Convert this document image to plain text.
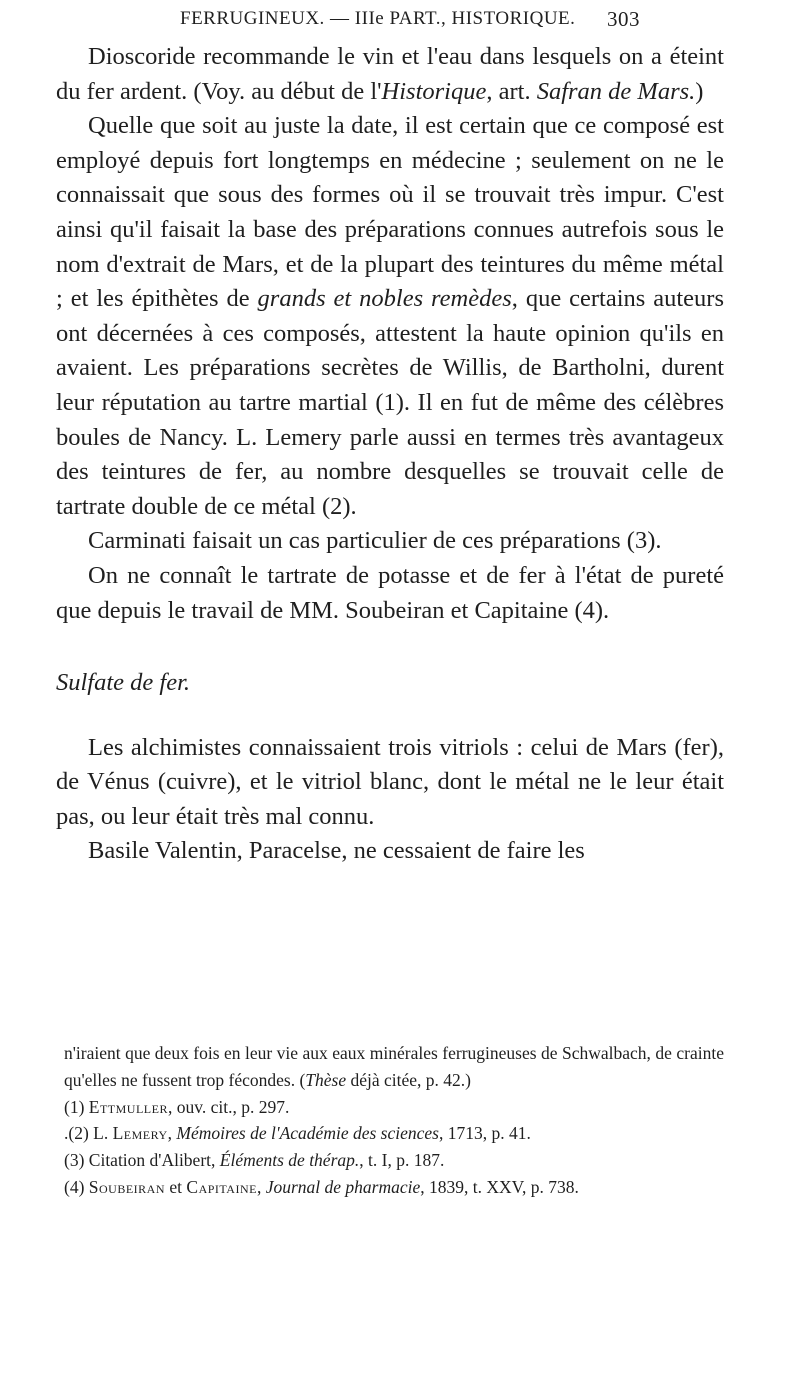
FERRUGINEUX. — IIIe PART., HISTORIQUE. 303

Dioscoride recommande le vin et l'eau dans lesquels on a éteint du fer ardent. (Voy. au début de l'Historique, art. Safran de Mars.)

Quelle que soit au juste la date, il est certain que ce composé est employé depuis fort longtemps en médecine ; seulement on ne le connaissait que sous des formes où il se trouvait très impur. C'est ainsi qu'il faisait la base des préparations connues autrefois sous le nom d'extrait de Mars, et de la plupart des teintures du même métal ; et les épithètes de grands et nobles remèdes, que certains auteurs ont décernées à ces composés, attestent la haute opinion qu'ils en avaient. Les préparations secrètes de Willis, de Bartholni, durent leur réputation au tartre martial (1). Il en fut de même des célèbres boules de Nancy. L. Lemery parle aussi en termes très avantageux des teintures de fer, au nombre desquelles se trouvait celle de tartrate double de ce métal (2).

Carminati faisait un cas particulier de ces préparations (3).

On ne connaît le tartrate de potasse et de fer à l'état de pureté que depuis le travail de MM. Soubeiran et Capitaine (4).

Sulfate de fer.

Les alchimistes connaissaient trois vitriols : celui de Mars (fer), de Vénus (cuivre), et le vitriol blanc, dont le métal ne le leur était pas, ou leur était très mal connu.

Basile Valentin, Paracelse, ne cessaient de faire les

n'iraient que deux fois en leur vie aux eaux minérales ferrugineuses de Schwalbach, de crainte qu'elles ne fussent trop fécondes. (Thèse déjà citée, p. 42.)

(1) Ettmuller, ouv. cit., p. 297.

.(2) L. Lemery, Mémoires de l'Académie des sciences, 1713, p. 41.

(3) Citation d'Alibert, Éléments de thérap., t. I, p. 187.

(4) Soubeiran et Capitaine, Journal de pharmacie, 1839, t. XXV, p. 738.
